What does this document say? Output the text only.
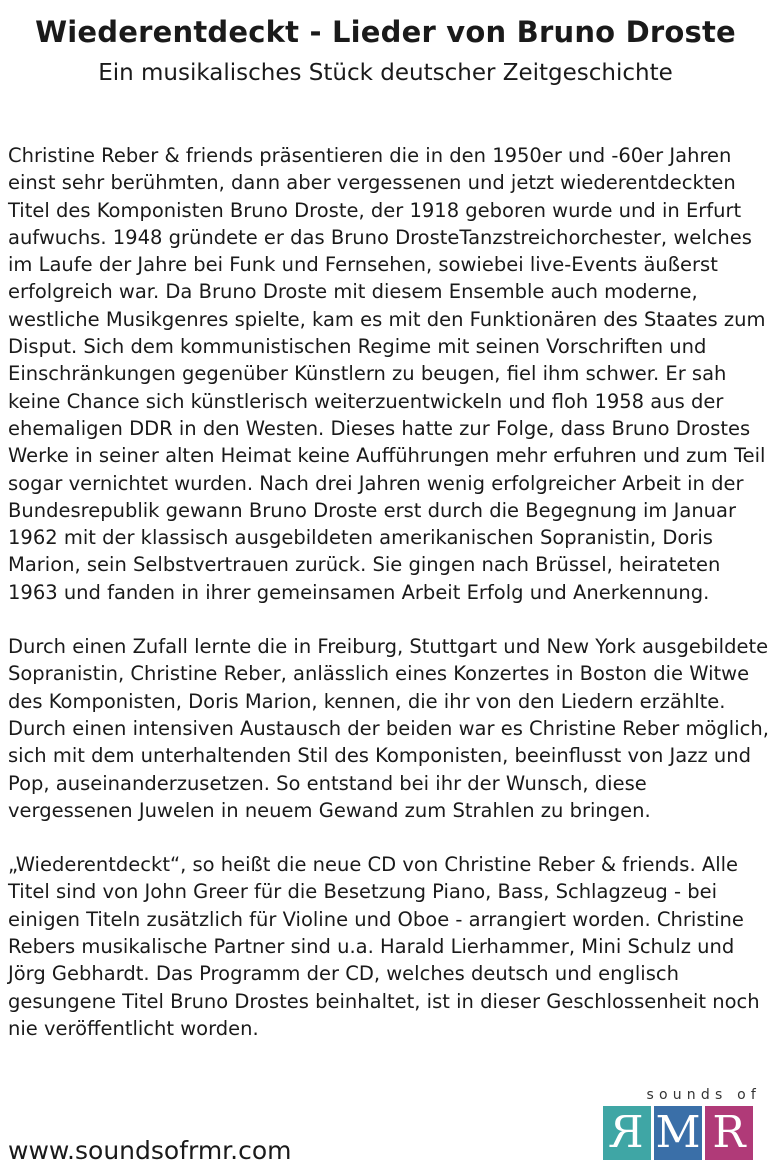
Wiederentdeckt - Lieder von Bruno Droste
Ein musikalisches Stück deutscher Zeitgeschichte

Christine Reber & friends präsentieren die in den 1950er und -60er Jahren einst sehr berühmten, dann aber vergessenen und jetzt wiederentdeckten Titel des Komponisten Bruno Droste, der 1918 geboren wurde und in Erfurt aufwuchs. 1948 gründete er das Bruno DrosteTanzstreichorchester, welches im Laufe der Jahre bei Funk und Fernsehen, sowiebei live-Events äußerst erfolgreich war. Da Bruno Droste mit diesem Ensemble auch moderne, westliche Musikgenres spielte, kam es mit den Funktionären des Staates zum Disput. Sich dem kommunistischen Regime mit seinen Vorschriften und Einschränkungen gegenüber Künstlern zu beugen, fiel ihm schwer. Er sah keine Chance sich künstlerisch weiterzuentwickeln und floh 1958 aus der ehemaligen DDR in den Westen. Dieses hatte zur Folge, dass Bruno Drostes Werke in seiner alten Heimat keine Aufführungen mehr erfuhren und zum Teil sogar vernichtet wurden. Nach drei Jahren wenig erfolgreicher Arbeit in der Bundesrepublik gewann Bruno Droste erst durch die Begegnung im Januar 1962 mit der klassisch ausgebildeten amerikanischen Sopranistin, Doris Marion, sein Selbstvertrauen zurück. Sie gingen nach Brüssel, heirateten 1963 und fanden in ihrer gemeinsamen Arbeit Erfolg und Anerkennung.

Durch einen Zufall lernte die in Freiburg, Stuttgart und New York ausgebildete Sopranistin, Christine Reber, anlässlich eines Konzertes in Boston die Witwe des Komponisten, Doris Marion, kennen, die ihr von den Liedern erzählte. Durch einen intensiven Austausch der beiden war es Christine Reber möglich, sich mit dem unterhaltenden Stil des Komponisten, beeinflusst von Jazz und Pop, auseinanderzusetzen. So entstand bei ihr der Wunsch, diese vergessenen Juwelen in neuem Gewand zum Strahlen zu bringen.

„Wiederentdeckt“, so heißt die neue CD von Christine Reber & friends. Alle Titel sind von John Greer für die Besetzung Piano, Bass, Schlagzeug - bei einigen Titeln zusätzlich für Violine und Oboe - arrangiert worden. Christine Rebers musikalische Partner sind u.a. Harald Lierhammer, Mini Schulz und Jörg Gebhardt. Das Programm der CD, welches deutsch und englisch gesungene Titel Bruno Drostes beinhaltet, ist in dieser Geschlossenheit noch nie veröffentlicht worden.

www.soundsofrmr.com
sounds of
R M R
